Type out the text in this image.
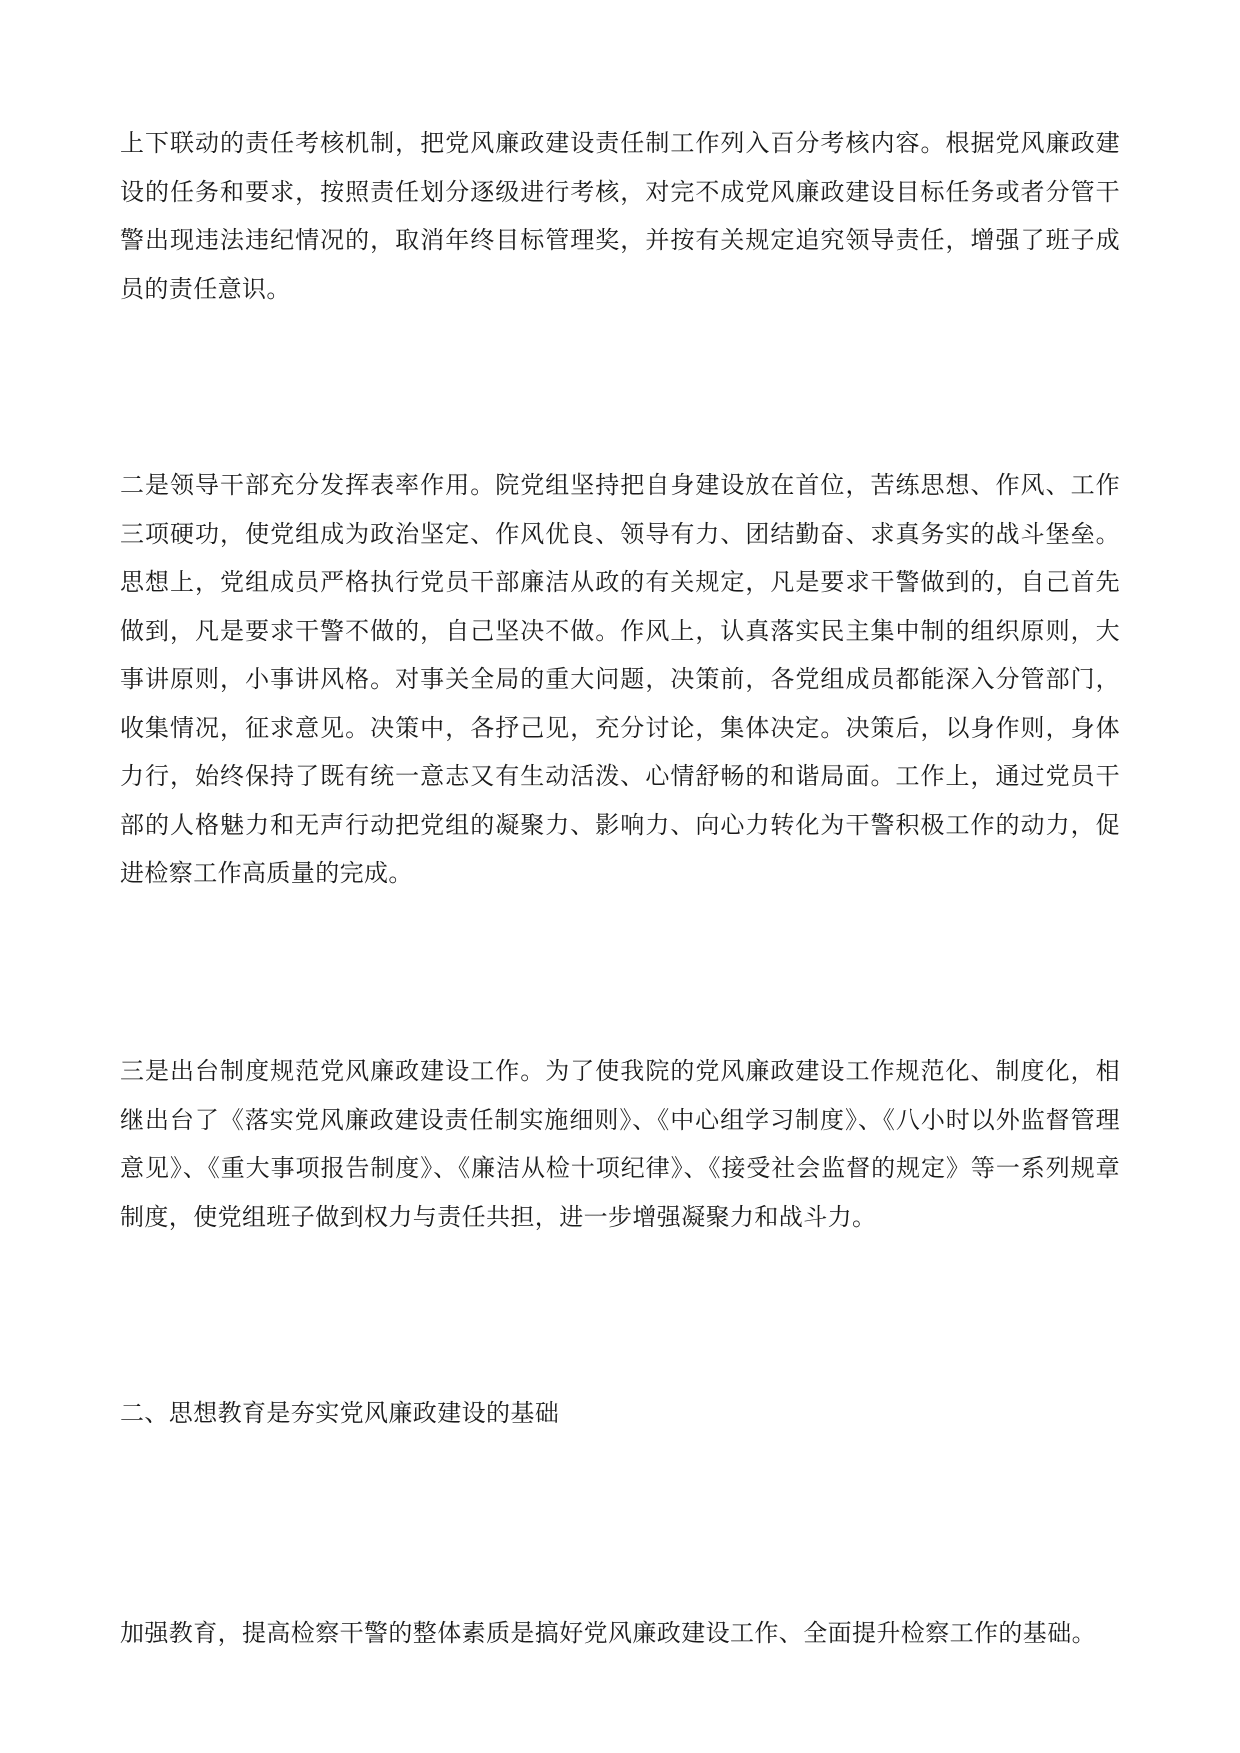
上下联动的责任考核机制，把党风廉政建设责任制工作列入百分考核内容。根据党风廉政建设的任务和要求，按照责任划分逐级进行考核，对完不成党风廉政建设目标任务或者分管干警出现违法违纪情况的，取消年终目标管理奖，并按有关规定追究领导责任，增强了班子成员的责任意识。

二是领导干部充分发挥表率作用。院党组坚持把自身建设放在首位，苦练思想、作风、工作三项硬功，使党组成为政治坚定、作风优良、领导有力、团结勤奋、求真务实的战斗堡垒。思想上，党组成员严格执行党员干部廉洁从政的有关规定，凡是要求干警做到的，自己首先做到，凡是要求干警不做的，自己坚决不做。作风上，认真落实民主集中制的组织原则，大事讲原则，小事讲风格。对事关全局的重大问题，决策前，各党组成员都能深入分管部门，收集情况，征求意见。决策中，各抒己见，充分讨论，集体决定。决策后，以身作则，身体力行，始终保持了既有统一意志又有生动活泼、心情舒畅的和谐局面。工作上，通过党员干部的人格魅力和无声行动把党组的凝聚力、影响力、向心力转化为干警积极工作的动力，促进检察工作高质量的完成。

三是出台制度规范党风廉政建设工作。为了使我院的党风廉政建设工作规范化、制度化，相继出台了《落实党风廉政建设责任制实施细则》、《中心组学习制度》、《八小时以外监督管理意见》、《重大事项报告制度》、《廉洁从检十项纪律》、《接受社会监督的规定》等一系列规章制度，使党组班子做到权力与责任共担，进一步增强凝聚力和战斗力。

二、思想教育是夯实党风廉政建设的基础

加强教育，提高检察干警的整体素质是搞好党风廉政建设工作、全面提升检察工作的基础。
